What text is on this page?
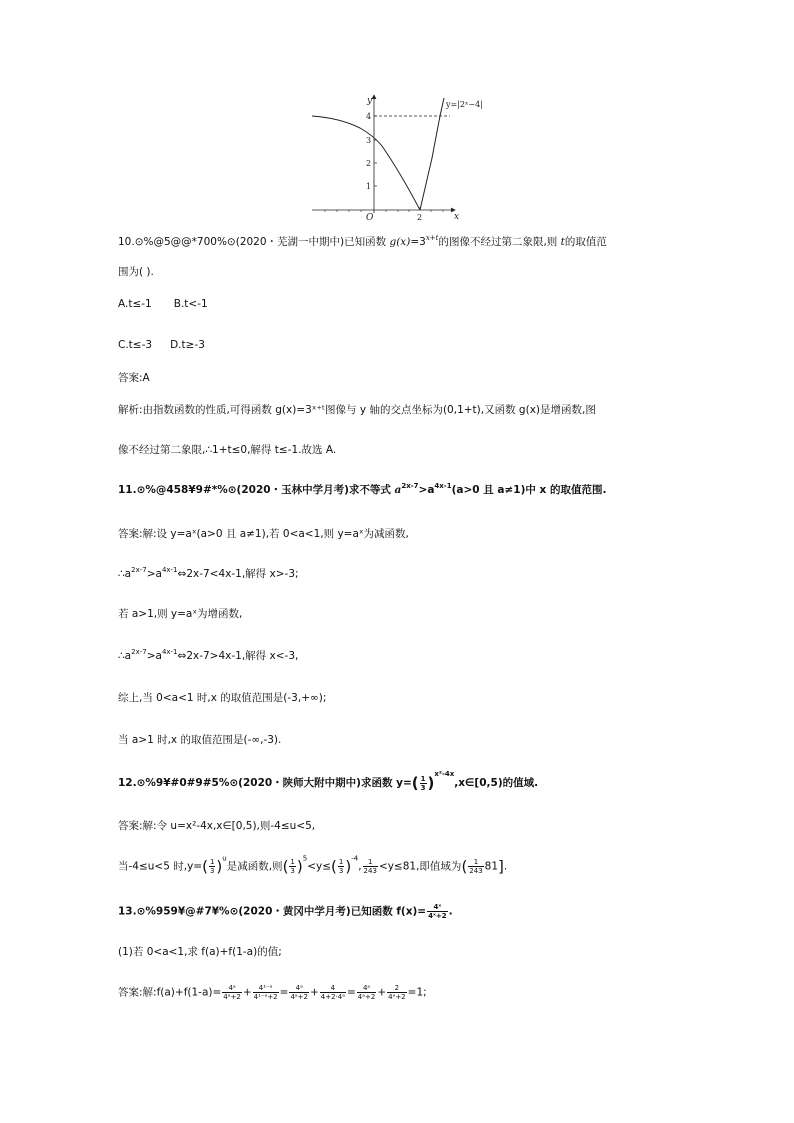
y
x
O
1
2
3
4
2
y=|2ˣ−4|
10.⊙%@5@@*700%⊙(2020・芜湖一中期中)已知函数 $g(x)=3^{x+t}$的图像不经过第二象限,则 t的取值范
围为( ).
A.t≤-1 B.t<-1
C.t≤-3 D.t≥-3
答案:A
解析:由指数函数的性质,可得函数 g(x)=3ˣ⁺ᵗ图像与 y 轴的交点坐标为(0,1+t),又函数 g(x)是增函数,图
像不经过第二象限,∴1+t≤0,解得 t≤-1.故选 A.
11.⊙%@458¥9#*%⊙(2020・玉林中学月考)求不等式 $a^{2x-7}>a^{4x-1}(a>0$ 且 a≠1)中 x 的取值范围.
答案:解:设 y=aˣ(a>0 且 a≠1),若 0<a<1,则 y=aˣ为减函数,
$\therefore a^{2x-7}>a^{4x-1}\Leftrightarrow 2x-7<4x-1$,解得 x>-3;
若 a>1,则 y=aˣ为增函数,
$\therefore a^{2x-7}>a^{4x-1}\Leftrightarrow 2x-7>4x-1$,解得 x<-3,
综上,当 0<a<1 时,x 的取值范围是(-3,+∞);
当 a>1 时,x 的取值范围是(-∞,-3).
12.⊙%9¥#0#9#5%⊙(2020・陕师大附中期中)求函数 $y=( \frac{1}{3}$ )$^{x^2-4x},x\in[0,5)$的值域.
答案:解:令 u=x²-4x,x∈[0,5),则-4≤u<5,
当-4≤u<5 时$,y=( \frac{1}{3} )^u$是减函数,则( $\frac{1}{3} )^5<y\le( \frac{1}{3} )^{-4}$, $\frac{1}{243} <y\le 81$,即值域为( $\frac{1}{243} 81$].
13.⊙%959¥@#7¥%⊙(2020・黄冈中学月考)已知函数 $f(x)= \frac{\text{4ˣ}}{\text{4ˣ+2}}$ .
(1)若 0<a<1,求 f(a)+f(1-a)的值;
答案:解:f(a)+f(1-a)= $\frac{\text{4ᵃ}}{\text{4ᵃ+2}} + \frac{\text{4¹⁻ᵃ}}{\text{4¹⁻ᵃ+2}} = \frac{\text{4ᵃ}}{\text{4ᵃ+2}} + \frac{4}{\text{4+2·4ᵃ}} = \frac{\text{4ᵃ}}{\text{4ᵃ+2}} + \frac{2}{\text{4ᵃ+2}} =1$;
